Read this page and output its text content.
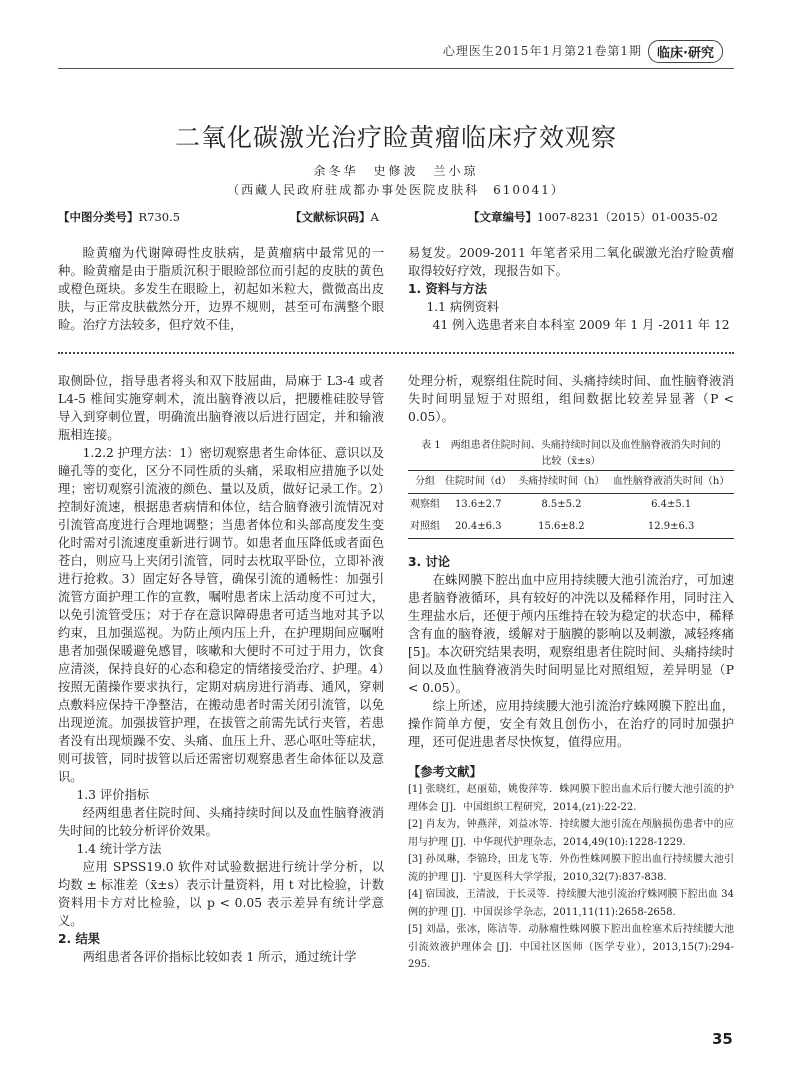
心理医生2015年1月第21卷第1期	临床·研究
二氧化碳激光治疗睑黄瘤临床疗效观察
余冬华　史修波　兰小琼
（西藏人民政府驻成都办事处医院皮肤科　610041）
【中图分类号】R730.5	【文献标识码】A	【文章编号】1007-8231（2015）01-0035-02

睑黄瘤为代谢障碍性皮肤病，是黄瘤病中最常见的一种。睑黄瘤是由于脂质沉积于眼睑部位而引起的皮肤的黄色或橙色斑块。多发生在眼睑上，初起如米粒大，微微高出皮肤，与正常皮肤截然分开，边界不规则，甚至可布满整个眼睑。治疗方法较多，但疗效不佳，

易复发。2009-2011 年笔者采用二氧化碳激光治疗睑黄瘤取得较好疗效，现报告如下。

1. 资料与方法

1.1 病例资料

41 例入选患者来自本科室 2009 年 1 月 -2011 年 12

取侧卧位，指导患者将头和双下肢屈曲，局麻于 L3-4 或者 L4-5 椎间实施穿刺术，流出脑脊液以后，把腰椎硅胶导管导入到穿刺位置，明确流出脑脊液以后进行固定，并和输液瓶相连接。

1.2.2 护理方法：1）密切观察患者生命体征、意识以及瞳孔等的变化，区分不同性质的头痛，采取相应措施予以处理；密切观察引流液的颜色、量以及质，做好记录工作。2）控制好流速，根据患者病情和体位，结合脑脊液引流情况对引流管高度进行合理地调整；当患者体位和头部高度发生变化时需对引流速度重新进行调节。如患者血压降低或者面色苍白，则应马上夹闭引流管，同时去枕取平卧位，立即补液进行抢救。3）固定好各导管，确保引流的通畅性：加强引流管方面护理工作的宣教，嘱咐患者床上活动度不可过大，以免引流管受压；对于存在意识障碍患者可适当地对其予以约束，且加强巡视。为防止颅内压上升，在护理期间应嘱咐患者加强保暖避免感冒，咳嗽和大便时不可过于用力，饮食应清淡，保持良好的心态和稳定的情绪接受治疗、护理。4）按照无菌操作要求执行，定期对病房进行消毒、通风，穿刺点敷料应保持干净整洁，在搬动患者时需关闭引流管，以免出现逆流。加强拔管护理，在拔管之前需先试行夹管，若患者没有出现烦躁不安、头痛、血压上升、恶心呕吐等症状，则可拔管，同时拔管以后还需密切观察患者生命体征以及意识。

1.3 评价指标

经两组患者住院时间、头痛持续时间以及血性脑脊液消失时间的比较分析评价效果。

1.4 统计学方法

应用 SPSS19.0 软件对试验数据进行统计学分析，以均数 ± 标准差（x̄±s）表示计量资料，用 t 对比检验，计数资料用卡方对比检验，以 p < 0.05 表示差异有统计学意义。

2. 结果

两组患者各评价指标比较如表 1 所示，通过统计学

处理分析，观察组住院时间、头痛持续时间、血性脑脊液消失时间明显短于对照组，组间数据比较差异显著（P < 0.05）。

表 1　两组患者住院时间、头痛持续时间以及血性脑脊液消失时间的
比较（x̄±s）
分组	住院时间（d）	头痛持续时间（h）	血性脑脊液消失时间（h）
观察组	13.6±2.7	8.5±5.2	6.4±5.1
对照组	20.4±6.3	15.6±8.2	12.9±6.3

3. 讨论

在蛛网膜下腔出血中应用持续腰大池引流治疗，可加速患者脑脊液循环，具有较好的冲洗以及稀释作用，同时注入生理盐水后，还便于颅内压维持在较为稳定的状态中，稀释含有血的脑脊液，缓解对于脑膜的影响以及刺激，减轻疼痛 [5]。本次研究结果表明，观察组患者住院时间、头痛持续时间以及血性脑脊液消失时间明显比对照组短，差异明显（P < 0.05）。

综上所述，应用持续腰大池引流治疗蛛网膜下腔出血，操作简单方便，安全有效且创伤小，在治疗的同时加强护理，还可促进患者尽快恢复，值得应用。

【参考文献】

[1] 张晓红，赵丽茹，姚俊萍等．蛛网膜下腔出血术后行腰大池引流的护理体会 [J]．中国组织工程研究，2014,(z1):22-22.
[2] 肖友为，钟燕萍，刘益冰等．持续腰大池引流在颅脑损伤患者中的应用与护理 [J]．中华现代护理杂志，2014,49(10):1228-1229.
[3] 孙凤琳，李锦玲，田龙飞等．外伤性蛛网膜下腔出血行持续腰大池引流的护理 [J]．宁夏医科大学学报，2010,32(7):837-838.
[4] 宿国波，王清波，于长灵等．持续腰大池引流治疗蛛网膜下腔出血 34 例的护理 [J]．中国误诊学杂志，2011,11(11):2658-2658.
[5] 刘晶，张冰，陈洁等．动脉瘤性蛛网膜下腔出血栓塞术后持续腰大池引流效液护理体会 [J]．中国社区医师（医学专业），2013,15(7):294-295.
35
